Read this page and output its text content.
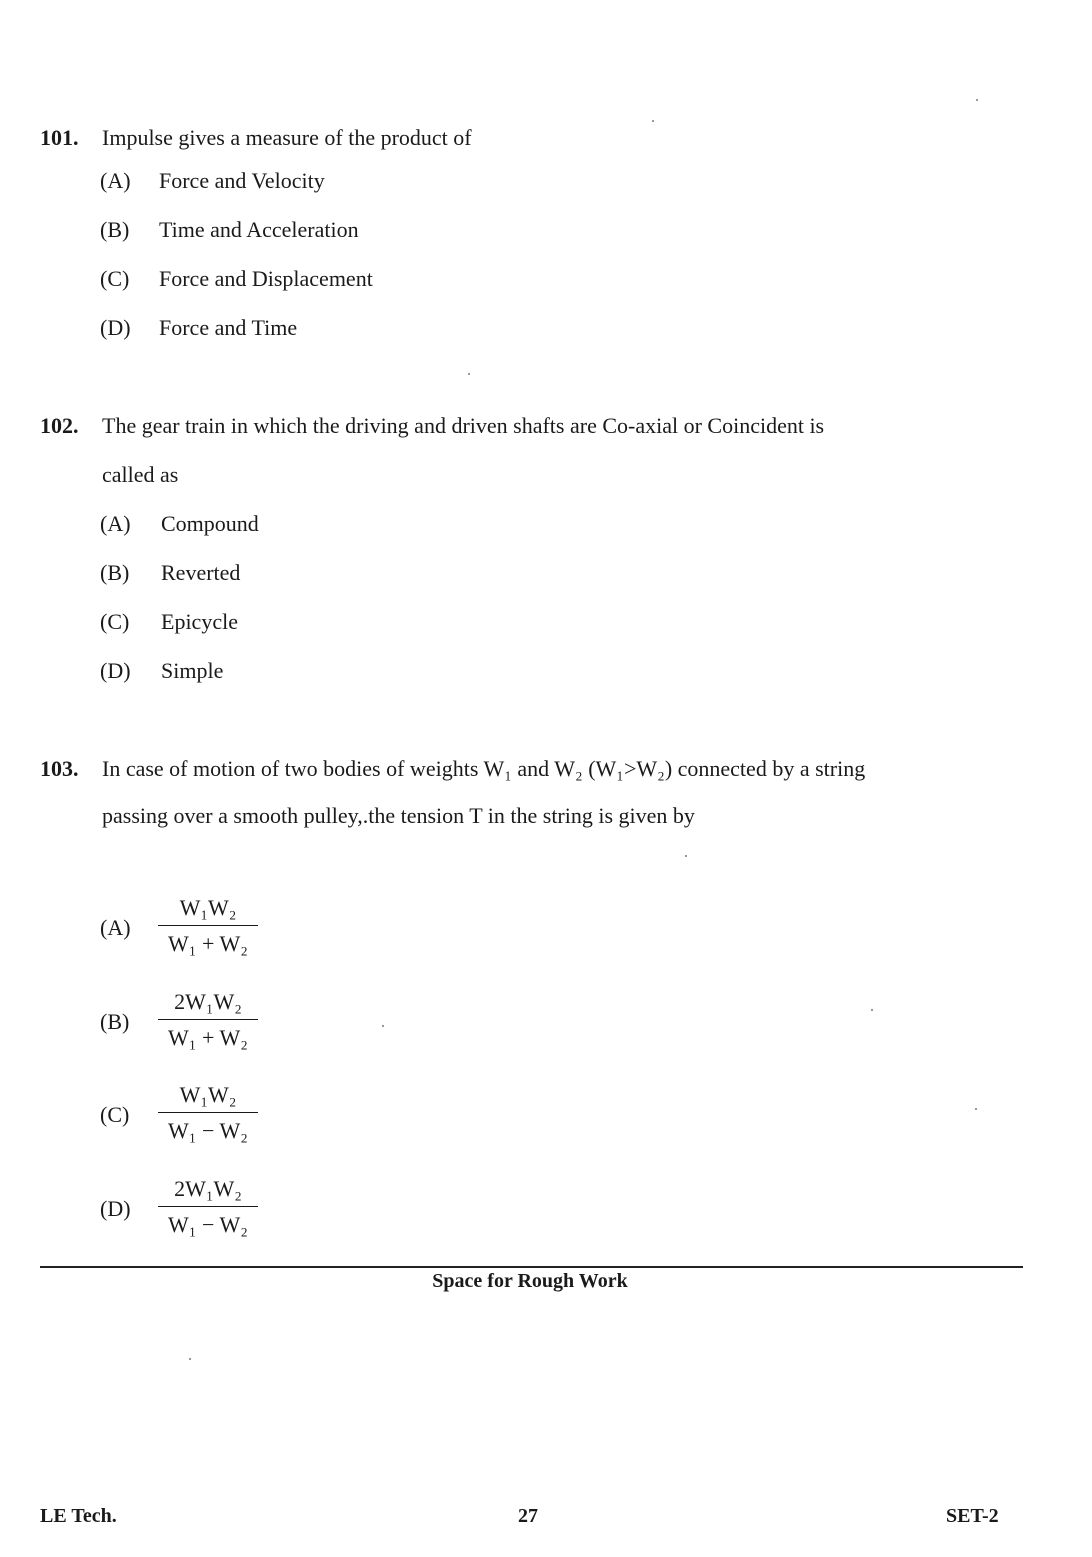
101. Impulse gives a measure of the product of
(A) Force and Velocity
(B) Time and Acceleration
(C) Force and Displacement
(D) Force and Time
102. The gear train in which the driving and driven shafts are Co-axial or Coincident is
called as
(A) Compound
(B) Reverted
(C) Epicycle
(D) Simple
103. In case of motion of two bodies of weights W₁ and W₂ (W₁>W₂) connected by a string
passing over a smooth pulley,.the tension T in the string is given by
(A)
W₁W₂
W₁ + W₂
(B)
2W₁W₂
W₁ + W₂
(C)
W₁W₂
W₁ − W₂
(D)
2W₁W₂
W₁ − W₂
Space for Rough Work
LE Tech.	27	SET-2
